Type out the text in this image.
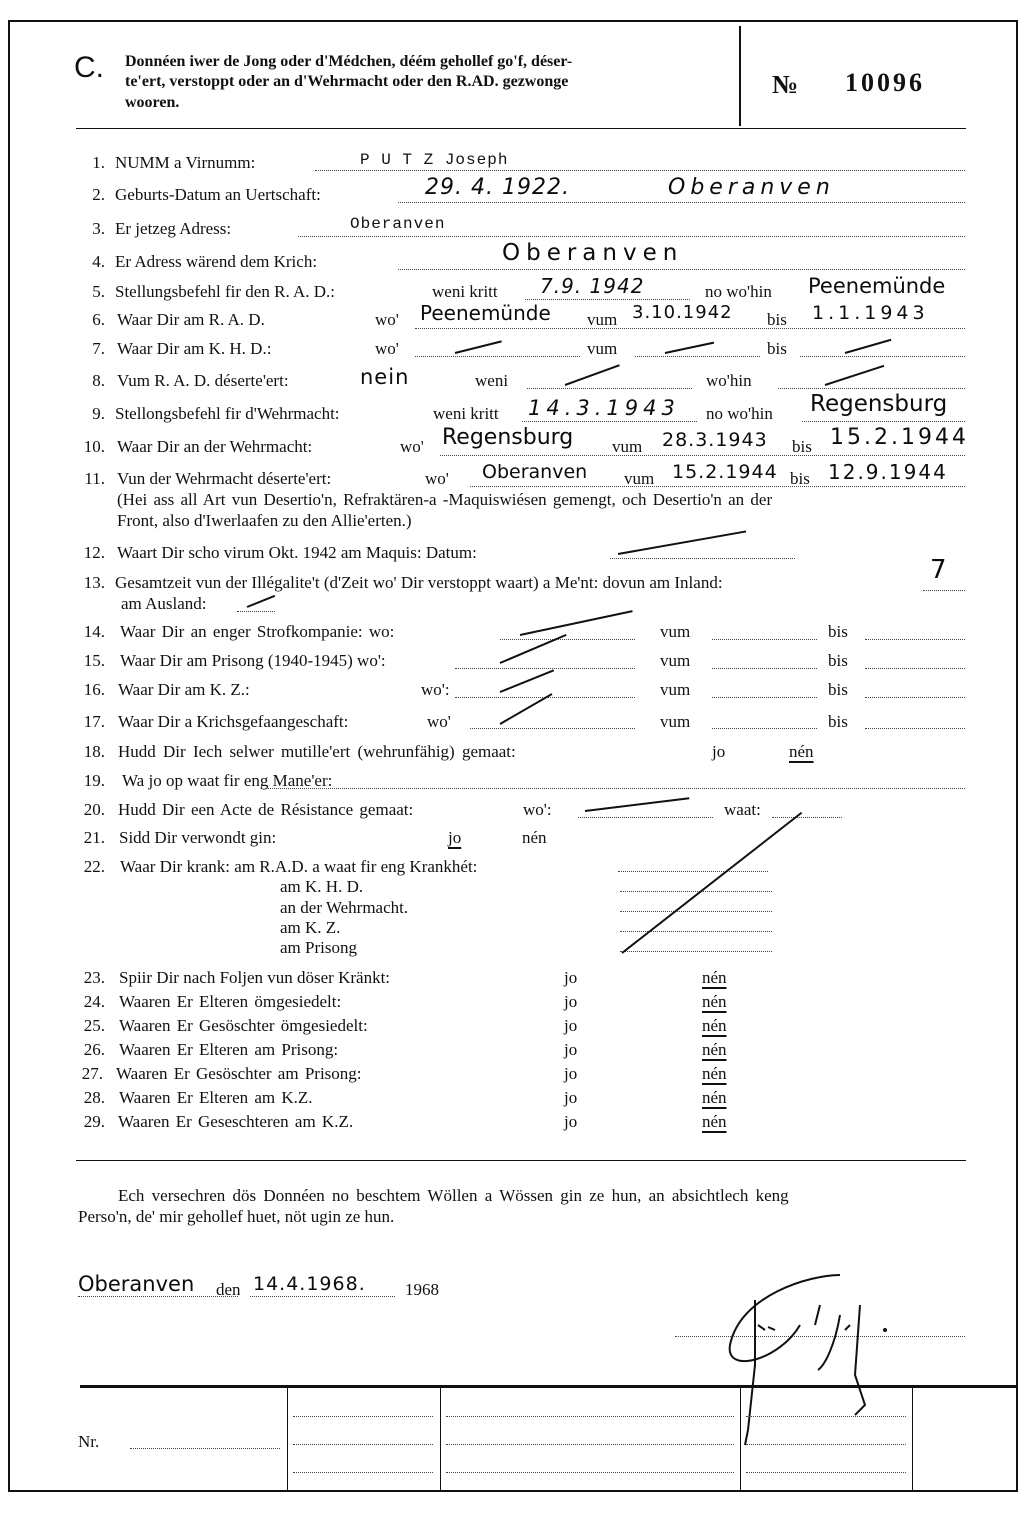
C. Donnéen iwer de Jong oder d'Médchen, déém gehollef go'f, déser-
te'ert, verstoppt oder an d'Wehrmacht oder den R.AD. gezwonge
wooren.
№ 10096
1. NUMM a Virnumm:	P U T Z Joseph
2. Geburts-Datum an Uertschaft:	29. 4. 1922.	Oberanven
3. Er jetzeg Adress:	Oberanven
4. Er Adress wärend dem Krich:	Oberanven
5. Stellungsbefehl fir den R. A. D.:	weni kritt 7.9. 1942	no wo'hin Peenemünde
6. Waar Dir am R. A. D.	wo' Peenemünde vum 3.10.1942 bis 1.1.1943
7. Waar Dir am K. H. D.:	wo'	vum	bis
8. Vum R. A. D. déserte'ert:	nein	weni	wo'hin
9. Stellongsbefehl fir d'Wehrmacht:	weni kritt 14.3.1943 no wo'hin Regensburg
10. Waar Dir an der Wehrmacht:	wo' Regensburg vum 28.3.1943 bis 15.2.1944
11. Vun der Wehrmacht déserte'ert:	wo' Oberanven vum 15.2.1944 bis 12.9.1944
(Hei ass all Art vun Desertio'n, Refraktären-a -Maquiswiésen gemengt, och Desertio'n an der
Front, also d'Iwerlaafen zu den Allie'erten.)
12. Waart Dir scho virum Okt. 1942 am Maquis: Datum:
13. Gesamtzeit vun der Illégalite't (d'Zeit wo' Dir verstoppt waart) a Me'nt: dovun am Inland:	7
am Ausland:
14. Waar Dir an enger Strofkompanie: wo:	vum	bis
15. Waar Dir am Prisong (1940-1945) wo':	vum	bis
16. Waar Dir am K. Z.:	wo':	vum	bis
17. Waar Dir a Krichsgefaangeschaft:	wo'	vum	bis
18. Hudd Dir Iech selwer mutille'ert (wehrunfähig) gemaat:	jo	nén
19. Wa jo op waat fir eng Mane'er:
20. Hudd Dir een Acte de Résistance gemaat:	wo':	waat:
21. Sidd Dir verwondt gin:	jo	nén
22. Waar Dir krank: am R.A.D. a waat fir eng Krankhét:
am K. H. D.
an der Wehrmacht.
am K. Z.
am Prisong
23. Spiir Dir nach Foljen vun döser Kränkt:	jo	nén
24. Waaren Er Elteren ömgesiedelt:	jo	nén
25. Waaren Er Gesöschter ömgesiedelt:	jo	nén
26. Waaren Er Elteren am Prisong:	jo	nén
27. Waaren Er Gesöschter am Prisong:	jo	nén
28. Waaren Er Elteren am K.Z.	jo	nén
29. Waaren Er Geseschteren am K.Z.	jo	nén
Ech versechren dös Donnéen no beschtem Wöllen a Wössen gin ze hun, an absichtlech keng
Perso'n, de' mir gehollef huet, nöt ugin ze hun.
Oberanven den 14.4.1968. 1968
Nr.
